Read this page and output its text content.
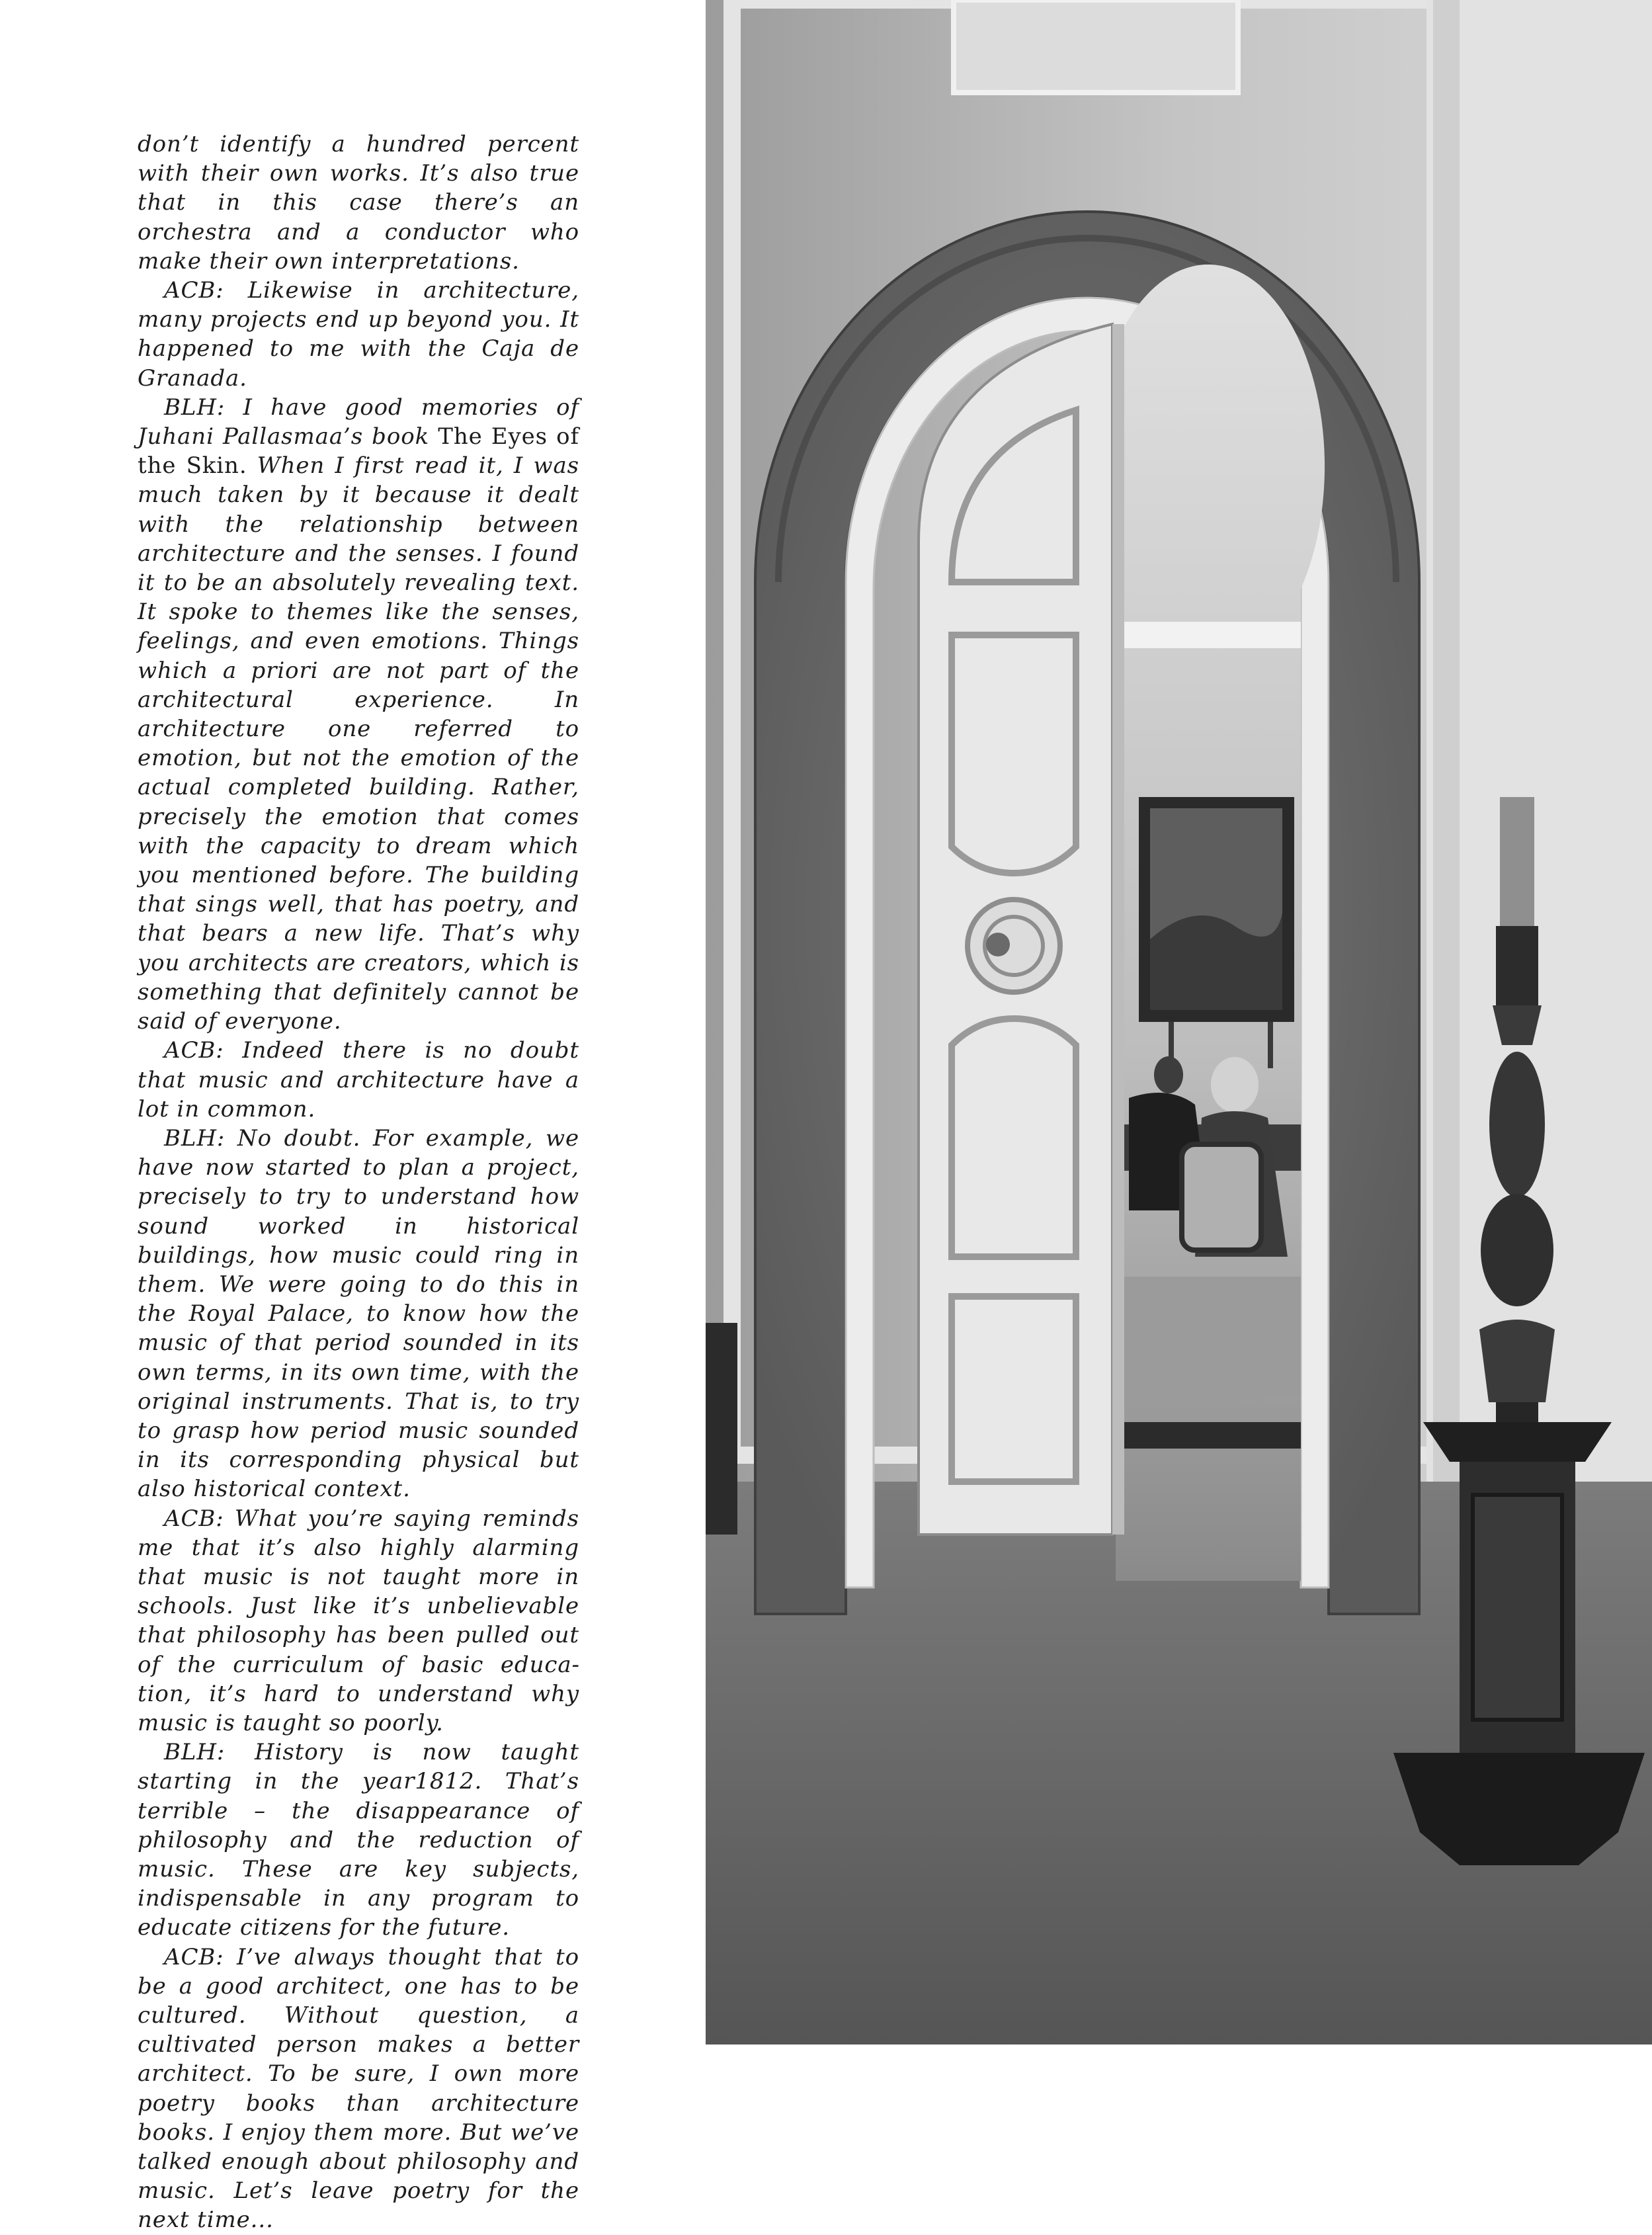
don’t identify a hundred percent with their own works. It’s also true that in this case there’s an orchestra and a conductor who make their own interpretations.

ACB: Likewise in architecture, many projects end up beyond you. It happened to me with the Caja de Granada.

BLH: I have good memories of Juhani Pallasmaa’s book The Eyes of the Skin. When I first read it, I was much taken by it because it dealt with the relationship between architecture and the senses. I found it to be an absolutely revealing text. It spoke to themes like the senses, feelings, and even emotions. Things which a priori are not part of the architectural experience. In architecture one referred to emotion, but not the emotion of the actual completed building. Rather, precisely the emotion that comes with the capacity to dream which you mentioned before. The building that sings well, that has poetry, and that bears a new life. That’s why you architects are creators, which is something that definitely cannot be said of everyone.

ACB: Indeed there is no doubt that music and architecture have a lot in common.

BLH: No doubt. For example, we have now started to plan a project, precisely to try to understand how sound worked in historical buildings, how music could ring in them. We were going to do this in the Royal Palace, to know how the music of that period sounded in its own terms, in its own time, with the original instruments. That is, to try to grasp how period music sounded in its corresponding physical but also historical context.

ACB: What you’re saying reminds me that it’s also highly alarming that music is not taught more in schools. Just like it’s unbelievable that philosophy has been pulled out of the curriculum of basic education, it’s hard to understand why music is taught so poorly.

BLH: History is now taught starting in the year1812. That’s terrible – the disappearance of philosophy and the reduction of music. These are key subjects, indispensable in any program to educate citizens for the future.

ACB: I’ve always thought that to be a good architect, one has to be cultured. Without question, a cultivated person makes a better architect. To be sure, I own more poetry books than architecture books. I enjoy them more. But we’ve talked enough about philosophy and music. Let’s leave poetry for the next time...
